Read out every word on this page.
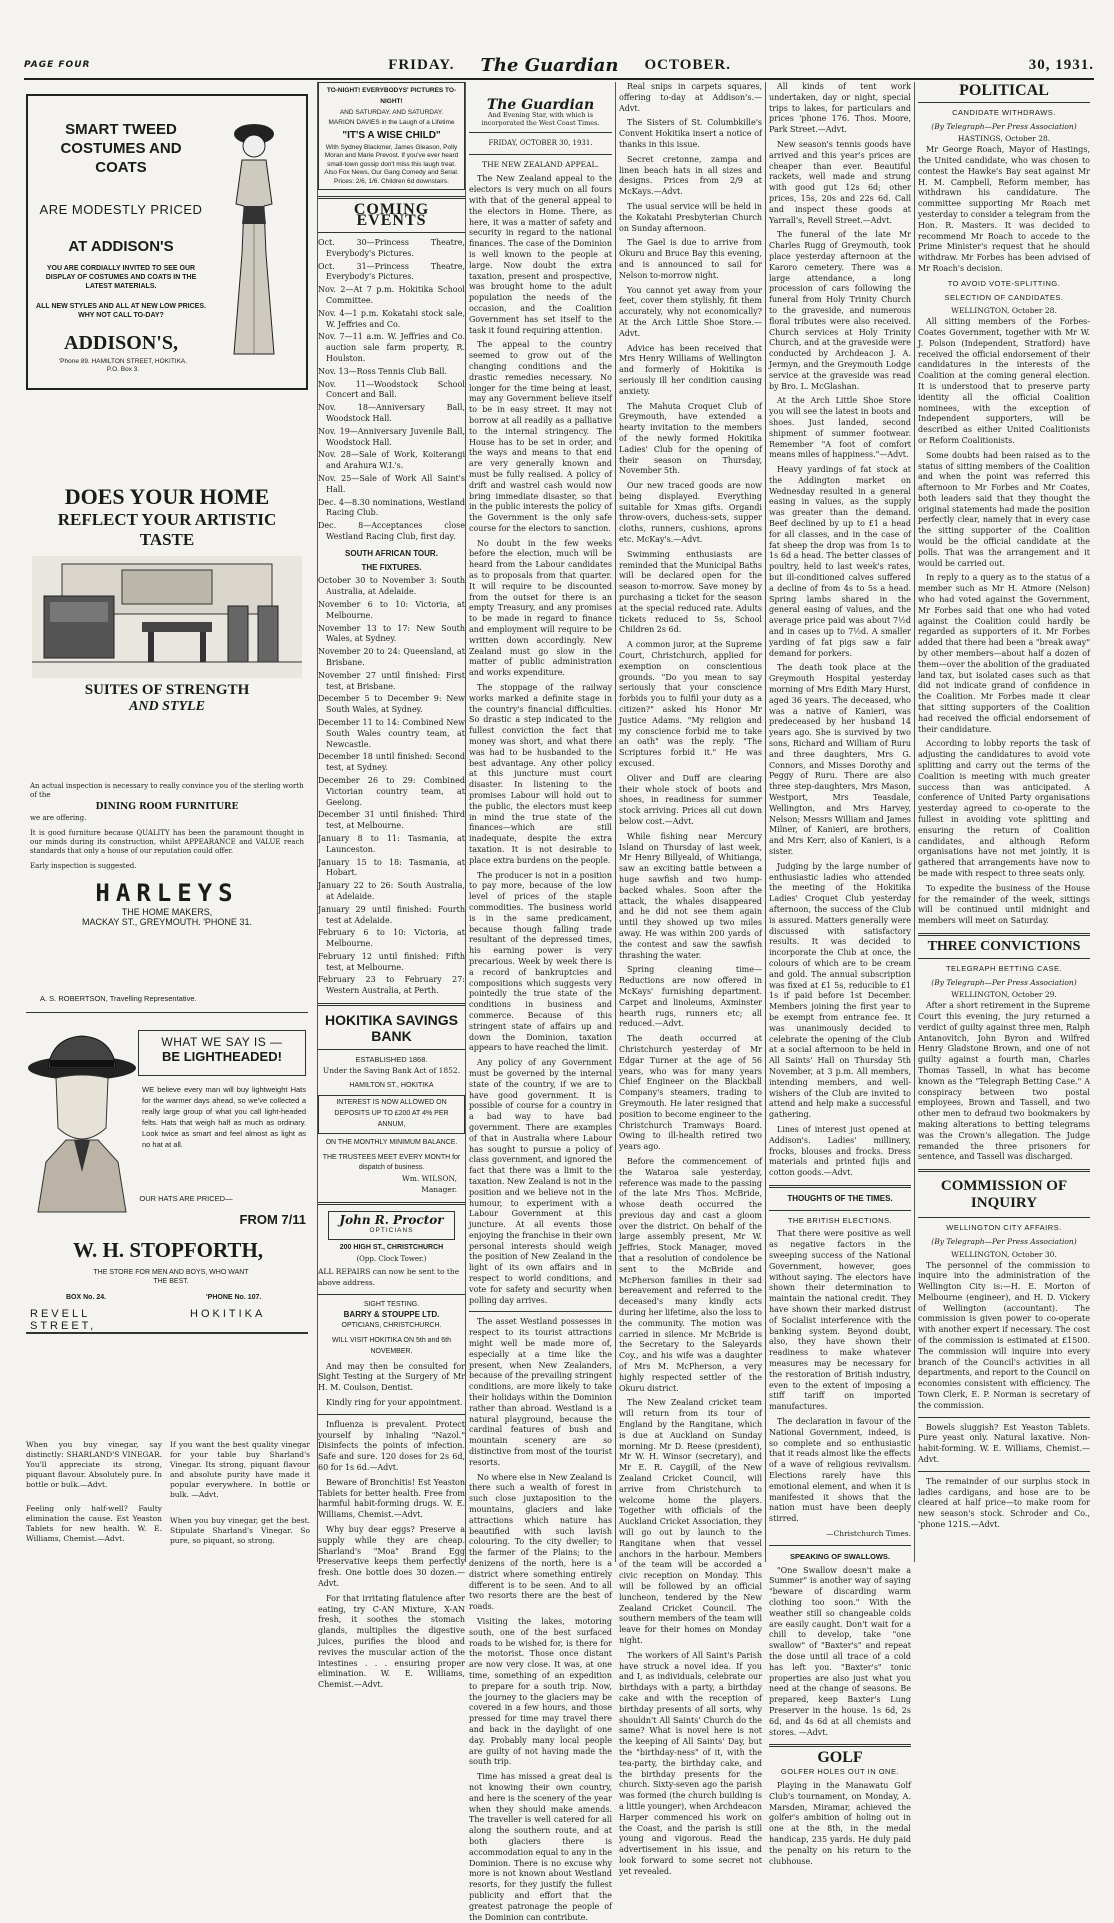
PAGE FOUR	FRIDAY. The Guardian OCTOBER.	30, 1931.
SMART TWEED COSTUMES AND COATS
ARE MODESTLY PRICED
AT ADDISON'S
YOU ARE CORDIALLY INVITED TO SEE OUR DISPLAY OF COSTUMES AND COATS IN THE LATEST MATERIALS.
ALL NEW STYLES AND ALL AT NEW LOW PRICES. WHY NOT CALL TO-DAY?
ADDISON'S,
'Phone 89. HAMILTON STREET, HOKITIKA. P.O. Box 3.
DOES YOUR HOME
REFLECT YOUR ARTISTIC
TASTE
SUITES OF STRENGTH
AND STYLE
An actual inspection is necessary to really convince you of the sterling worth of the
DINING ROOM FURNITURE
we are offering.
It is good furniture because QUALITY has been the paramount thought in our minds during its construction, whilst APPEARANCE and VALUE reach standards that only a house of our reputation could offer.
Early inspection is suggested.
HARLEYS
THE HOME MAKERS,
MACKAY ST., GREYMOUTH. 'PHONE 31.
A. S. ROBERTSON, Travelling Representative.
WHAT WE SAY IS —
BE LIGHTHEADED!
WE believe every man will buy lightweight Hats for the warmer days ahead, so we've collected a really large group of what you call light-headed felts. Hats that weigh half as much as ordinary. Look twice as smart and feel almost as light as no hat at all.
OUR HATS ARE PRICED—
FROM 7/11
W. H. STOPFORTH,
THE STORE FOR MEN AND BOYS, WHO WANT THE BEST.
BOX No. 24.	'PHONE No. 107.
REVELL STREET,
HOKITIKA
When you buy vinegar, say distinctly: SHARLAND'S VINEGAR. You'll appreciate its strong, piquant flavour. Absolutely pure. In bottle or bulk.—Advt.
Feeling only half-well? Faulty elimination the cause. Est Yeaston Tablets for new health. W. E. Williams, Chemist.—Advt.
TO-NIGHT! EVERYBODYS' PICTURES TO-NIGHT!
AND SATURDAY. AND SATURDAY.
MARION DAVIES in the Laugh of a Lifetime
"IT'S A WISE CHILD"
With Sydney Blackmer, James Gleason, Polly Moran and Marie Prevost. If you've ever heard small-town gossip don't miss this laugh treat. Also Fox News, Our Gang Comedy and Serial. Prices: 2/6, 1/6. Children 6d downstairs.
COMING EVENTS
Oct. 30—Princess Theatre, Everybody's Pictures.
Oct. 31—Princess Theatre, Everybody's Pictures.
Nov. 2—At 7 p.m. Hokitika School Committee.
Nov. 4—1 p.m. Kokatahi stock sale, W. Jeffries and Co.
Nov. 7—11 a.m. W. Jeffries and Co. auction sale farm property, R. Houlston.
Nov. 13—Ross Tennis Club Ball.
Nov. 11—Woodstock School Concert and Ball.
Nov. 18—Anniversary Ball, Woodstock Hall.
Nov. 19—Anniversary Juvenile Ball, Woodstock Hall.
Nov. 28—Sale of Work, Koiterangi and Arahura W.I.'s.
Nov. 25—Sale of Work All Saint's Hall.
Dec. 4—8.30 nominations, Westland Racing Club.
Dec. 8—Acceptances close Westland Racing Club, first day.
SOUTH AFRICAN TOUR.
THE FIXTURES.
October 30 to November 3: South Australia, at Adelaide.
November 6 to 10: Victoria, at Melbourne.
November 13 to 17: New South Wales, at Sydney.
November 20 to 24: Queensland, at Brisbane.
November 27 until finished: First test, at Brisbane.
December 5 to December 9: New South Wales, at Sydney.
December 11 to 14: Combined New South Wales country team, at Newcastle.
December 18 until finished: Second test, at Sydney.
December 26 to 29: Combined Victorian country team, at Geelong.
December 31 until finished: Third test, at Melbourne.
January 8 to 11: Tasmania, at Launceston.
January 15 to 18: Tasmania, at Hobart.
January 22 to 26: South Australia, at Adelaide.
January 29 until finished: Fourth test at Adelaide.
February 6 to 10: Victoria, at Melbourne.
February 12 until finished: Fifth test, at Melbourne.
February 23 to February 27: Western Australia, at Perth.
HOKITIKA SAVINGS BANK
ESTABLISHED 1868.
Under the Saving Bank Act of 1852.
HAMILTON ST., HOKITIKA
INTEREST IS NOW ALLOWED ON DEPOSITS UP TO £200 AT 4% PER ANNUM,
ON THE MONTHLY MINIMUM BALANCE.
THE TRUSTEES MEET EVERY MONTH for dispatch of business.
Wm. WILSON,
Manager.
John R. Proctor
OPTICIANS
200 HIGH ST., CHRISTCHURCH
(Opp. Clock Tower.)
ALL REPAIRS can now be sent to the above address.
SIGHT TESTING.
BARRY & STOUPPE LTD.
OPTICIANS, CHRISTCHURCH.
WILL VISIT HOKITIKA ON 5th and 6th NOVEMBER.

And may then be consulted for Sight Testing at the Surgery of Mr H. M. Coulson, Dentist.

Kindly ring for your appointment.

Influenza is prevalent. Protect yourself by inhaling "Nazol." Disinfects the points of infection. Safe and sure. 120 doses for 2s 6d, 60 for 1s 6d.—Advt.

Beware of Bronchitis! Est Yeaston Tablets for better health. Free from harmful habit-forming drugs. W. E. Williams, Chemist.—Advt.

Why buy dear eggs? Preserve a supply while they are cheap. Sharland's "Moa" Brand Egg Preservative keeps them perfectly fresh. One bottle does 30 dozen.—Advt.

For that irritating flatulence after eating, try C-AN Mixture, X-AN fresh, it soothes the stomach glands, multiplies the digestive juices, purifies the blood and revives the muscular action of the intestines . . . ensuring proper elimination. W. E. Williams, Chemist.—Advt.

If you want the best quality vinegar for your table buy Sharland's Vinegar. Its strong, piquant flavour and absolute purity have made it popular everywhere. In bottle or bulk. —Advt.
When you buy vinegar, get the best. Stipulate Sharland's Vinegar. So pure, so piquant, so strong.
The Guardian
And Evening Star, with which is incorporated the West Coast Times.
FRIDAY, OCTOBER 30, 1931.
THE NEW ZEALAND APPEAL.

The New Zealand appeal to the electors is very much on all fours with that of the general appeal to the electors in Home. There, as here, it was a matter of safety and security in regard to the national finances. The case of the Dominion is well known to the people at large. Now doubt the extra taxation, present and prospective, was brought home to the adult population the needs of the occasion, and the Coalition Government has set itself to the task it found requiring attention.

The appeal to the country seemed to grow out of the changing conditions and the drastic remedies necessary. No longer for the time being at least, may any Government believe itself to be in easy street. It may not borrow at all readily as a palliative to the internal stringency. The House has to be set in order, and the ways and means to that end are very generally known and must be fully realised. A policy of drift and wastrel cash would now bring immediate disaster, so that in the public interests the policy of the Government is the only safe course for the electors to sanction.

No doubt in the few weeks before the election, much will be heard from the Labour candidates as to proposals from that quarter. It will require to be discounted from the outset for there is an empty Treasury, and any promises to be made in regard to finance and employment will require to be written down accordingly. New Zealand must go slow in the matter of public administration and works expenditure.

The stoppage of the railway works marked a definite stage in the country's financial difficulties. So drastic a step indicated to the fullest conviction the fact that money was short, and what there was had to be husbanded to the best advantage. Any other policy at this juncture must court disaster. In listening to the promises Labour will hold out to the public, the electors must keep in mind the true state of the finances—which are still inadequate, despite the extra taxation. It is not desirable to place extra burdens on the people.

The producer is not in a position to pay more, because of the low level of prices of the staple commodities. The business world is in the same predicament, because though falling trade resultant of the depressed times, his earning power is very precarious. Week by week there is a record of bankruptcies and compositions which suggests very pointedly the true state of the conditions in business and commerce. Because of this stringent state of affairs up and down the Dominion, taxation appears to have reached the limit.

Any policy of any Government must be governed by the internal state of the country, if we are to have good government. It is possible of course for a country in a bad way to have bad government. There are examples of that in Australia where Labour has sought to pursue a policy of class government, and ignored the fact that there was a limit to the taxation. New Zealand is not in the position and we believe not in the humour, to experiment with a Labour Government at this juncture. At all events those enjoying the franchise in their own personal interests should weigh the position of New Zealand in the light of its own affairs and in respect to world conditions, and vote for safety and security when polling day arrives.

The asset Westland possesses in respect to its tourist attractions might well be made more of, especially at a time like the present, when New Zealanders, because of the prevailing stringent conditions, are more likely to take their holidays within the Dominion rather than abroad. Westland is a natural playground, because the cardinal features of bush and mountain scenery are so distinctive from most of the tourist resorts.

No where else in New Zealand is there such a wealth of forest in such close juxtaposition to the mountains, glaciers and lake attractions which nature has beautified with such lavish colouring. To the city dweller; to the farmer of the Plains; to the denizens of the north, here is a district where something entirely different is to be seen. And to all two resorts there are the best of roads.

Visiting the lakes, motoring south, one of the best surfaced roads to be wished for, is there for the motorist. Those once distant are now very close. It was, at one time, something of an expedition to prepare for a south trip. Now, the journey to the glaciers may be covered in a few hours, and those pressed for time may travel there and back in the daylight of one day. Probably many local people are guilty of not having made the south trip.

Time has missed a great deal is not knowing their own country, and here is the scenery of the year when they should make amends. The traveller is well catered for all along the southern route, and at both glaciers there is accommodation equal to any in the Dominion. There is no excuse why more is not known about Westland resorts, for they justify the fullest publicity and effort that the greatest patronage the people of the Dominion can contribute.

Real snips in carpets squares, offering to-day at Addison's.—Advt.

The Sisters of St. Columbkille's Convent Hokitika insert a notice of thanks in this issue.

Secret cretonne, zampa and linen beach hats in all sizes and designs. Prices from 2/9 at McKays.—Advt.

The usual service will be held in the Kokatahi Presbyterian Church on Sunday afternoon.

The Gael is due to arrive from Okuru and Bruce Bay this evening, and is announced to sail for Nelson to-morrow night.

You cannot yet away from your feet, cover them stylishly, fit them accurately, why not economically? At the Arch Little Shoe Store.—Advt.

Advice has been received that Mrs Henry Williams of Wellington and formerly of Hokitika is seriously ill her condition causing anxiety.

The Mahuta Croquet Club of Greymouth, have extended a hearty invitation to the members of the newly formed Hokitika Ladies' Club for the opening of their season on Thursday, November 5th.

Our new traced goods are now being displayed. Everything suitable for Xmas gifts. Organdi throw-overs, duchess-sets, supper cloths, runners, cushions, aprons etc. McKay's.—Advt.

Swimming enthusiasts are reminded that the Municipal Baths will be declared open for the season to-morrow. Save money by purchasing a ticket for the season at the special reduced rate. Adults tickets reduced to 5s, School Children 2s 6d.

A common juror, at the Supreme Court, Christchurch, applied for exemption on conscientious grounds. "Do you mean to say seriously that your conscience forbids you to fulfil your duty as a citizen?" asked his Honor Mr Justice Adams. "My religion and my conscience forbid me to take an oath" was the reply. "The Scriptures forbid it." He was excused.

Oliver and Duff are clearing their whole stock of boots and shoes, in readiness for summer stock arriving. Prices all cut down below cost.—Advt.

While fishing near Mercury Island on Thursday of last week, Mr Henry Billyeald, of Whitianga, saw an exciting battle between a huge sawfish and two hump-backed whales. Soon after the attack, the whales disappeared and he did not see them again until they showed up two miles away. He was within 200 yards of the contest and saw the sawfish thrashing the water.

Spring cleaning time—Reductions are now offered in McKays' furnishing department. Carpet and linoleums, Axminster hearth rugs, runners etc; all reduced.—Advt.

The death occurred at Christchurch yesterday of Mr Edgar Turner at the age of 56 years, who was for many years Chief Engineer on the Blackball Company's steamers, trading to Greymouth. He later resigned that position to become engineer to the Christchurch Tramways Board. Owing to ill-health retired two years ago.

Before the commencement of the Wataroa sale yesterday, reference was made to the passing of the late Mrs Thos. McBride, whose death occurred the previous day and cast a gloom over the district. On behalf of the large assembly present, Mr W. Jeffries, Stock Manager, moved that a resolution of condolence be sent to the McBride and McPherson families in their sad bereavement and referred to the deceased's many kindly acts during her lifetime, also the loss to the community. The motion was carried in silence. Mr McBride is the Secretary to the Saleyards Coy., and his wife was a daughter of Mrs M. McPherson, a very highly respected settler of the Okuru district.

The New Zealand cricket team will return from its tour of England by the Rangitane, which is due at Auckland on Sunday morning. Mr D. Reese (president), Mr W. H. Winsor (secretary), and Mr E. R. Caygill, of the New Zealand Cricket Council, will arrive from Christchurch to welcome home the players. Together with officials of the Auckland Cricket Association, they will go out by launch to the Rangitane when that vessel anchors in the harbour. Members of the team will be accorded a civic reception on Monday. This will be followed by an official luncheon, tendered by the New Zealand Cricket Council. The southern members of the team will leave for their homes on Monday night.

The workers of All Saint's Parish have struck a novel idea. If you and I, as individuals, celebrate our birthdays with a party, a birthday cake and with the reception of birthday presents of all sorts, why shouldn't All Saints' Church do the same? What is novel here is not the keeping of All Saints' Day, but the "birthday-ness" of it, with the tea-party, the birthday cake, and the birthday presents for the church. Sixty-seven ago the parish was formed (the church building is a little younger), when Archdeacon Harper commenced his work on the Coast, and the parish is still young and vigorous. Read the advertisement in his issue, and look forward to some secret not yet revealed.

All kinds of tent work undertaken, day or night, special trips to lakes, for particulars and prices 'phone 176. Thos. Moore, Park Street.—Advt.

New season's tennis goods have arrived and this year's prices are cheaper than ever. Beautiful rackets, well made and strung with good gut 12s 6d; other prices, 15s, 20s and 22s 6d. Call and inspect these goods at Yarrall's, Revell Street.—Advt.

The funeral of the late Mr Charles Rugg of Greymouth, took place yesterday afternoon at the Karoro cemetery. There was a large attendance, a long procession of cars following the funeral from Holy Trinity Church to the graveside, and numerous floral tributes were also received. Church services at Holy Trinity Church, and at the graveside were conducted by Archdeacon J. A. Jermyn, and the Greymouth Lodge service at the graveside was read by Bro. L. McGlashan.

At the Arch Little Shoe Store you will see the latest in boots and shoes. Just landed, second shipment of summer footwear. Remember "A foot of comfort means miles of happiness."—Advt.

Heavy yardings of fat stock at the Addington market on Wednesday resulted in a general easing in values, as the supply was greater than the demand. Beef declined by up to £1 a head for all classes, and in the case of fat sheep the drop was from 1s to 1s 6d a head. The better classes of poultry, held to last week's rates, but ill-conditioned calves suffered a decline of from 4s to 5s a head. Spring lambs shared in the general easing of values, and the average price paid was about 7½d and in cases up to 7½d. A smaller yarding of fat pigs saw a fair demand for porkers.

The death took place at the Greymouth Hospital yesterday morning of Mrs Edith Mary Hurst, aged 36 years. The deceased, who was a native of Kanieri, was predeceased by her husband 14 years ago. She is survived by two sons, Richard and William of Ruru and three daughters, Mrs G. Connors, and Misses Dorothy and Peggy of Ruru. There are also three step-daughters, Mrs Mason, Westport, Mrs Teasdale, Wellington, and Mrs Harvey, Nelson; Messrs William and James Milner, of Kanieri, are brothers, and Mrs Kerr, also of Kanieri, is a sister.

Judging by the large number of enthusiastic ladies who attended the meeting of the Hokitika Ladies' Croquet Club yesterday afternoon, the success of the Club is assured. Matters generally were discussed with satisfactory results. It was decided to incorporate the Club at once, the colours of which are to be cream and gold. The annual subscription was fixed at £1 5s, reducible to £1 1s if paid before 1st December. Members joining the first year to be exempt from entrance fee. It was unanimously decided to celebrate the opening of the Club at a social afternoon to be held in All Saints' Hall on Thursday 5th November, at 3 p.m. All members, intending members, and well-wishers of the Club are invited to attend and help make a successful gathering.

Lines of interest just opened at Addison's. Ladies' millinery, frocks, blouses and frocks. Dress materials and printed fujis and cotton goods.—Advt.

THOUGHTS OF THE TIMES.
THE BRITISH ELECTIONS.

That there were positive as well as negative factors in the sweeping success of the National Government, however, goes without saying. The electors have shown their determination to maintain the national credit. They have shown their marked distrust of Socialist interference with the banking system. Beyond doubt, also, they have shown their readiness to make whatever measures may be necessary for the restoration of British industry, even to the extent of imposing a stiff tariff on imported manufactures.

The declaration in favour of the National Government, indeed, is so complete and so enthusiastic that it reads almost like the effects of a wave of religious revivalism. Elections rarely have this emotional element, and when it is manifested it shows that the nation must have been deeply stirred.

—Christchurch Times.
SPEAKING OF SWALLOWS.

"One Swallow doesn't make a Summer" is another way of saying "beware of discarding warm clothing too soon." With the weather still so changeable colds are easily caught. Don't wait for a chill to develop, take "one swallow" of "Baxter's" and repeat the dose until all trace of a cold has left you. "Baxter's" tonic properties are also just what you need at the change of seasons. Be prepared, keep Baxter's Lung Preserver in the house. 1s 6d, 2s 6d, and 4s 6d at all chemists and stores. —Advt.

GOLF
GOLFER HOLES OUT IN ONE.

Playing in the Manawatu Golf Club's tournament, on Monday, A. Marsden, Miramar, achieved the golfer's ambition of holing out in one at the 8th, in the medal handicap, 235 yards. He duly paid the penalty on his return to the clubhouse.

POLITICAL
CANDIDATE WITHDRAWS.
(By Telegraph—Per Press Association)
HASTINGS, October 28.

Mr George Roach, Mayor of Hastings, the United candidate, who was chosen to contest the Hawke's Bay seat against Mr H. M. Campbell, Reform member, has withdrawn his candidature. The committee supporting Mr Roach met yesterday to consider a telegram from the Hon. R. Masters. It was decided to recommend Mr Roach to accede to the Prime Minister's request that he should withdraw. Mr Forbes has been advised of Mr Roach's decision.

TO AVOID VOTE-SPLITTING.
SELECTION OF CANDIDATES.
WELLINGTON, October 28.

All sitting members of the Forbes-Coates Government, together with Mr W. J. Polson (Independent, Stratford) have received the official endorsement of their candidatures in the interests of the Coalition at the coming general election. It is understood that to preserve party identity all the official Coalition nominees, with the exception of Independent supporters, will be described as either United Coalitionists or Reform Coalitionists.

Some doubts had been raised as to the status of sitting members of the Coalition and when the point was referred this afternoon to Mr Forbes and Mr Coates, both leaders said that they thought the original statements had made the position perfectly clear, namely that in every case the sitting supporter of the Coalition would be the official candidate at the polls. That was the arrangement and it would be carried out.

In reply to a query as to the status of a member such as Mr H. Atmore (Nelson) who had voted against the Government, Mr Forbes said that one who had voted against the Coalition could hardly be regarded as supporters of it. Mr Forbes added that there had been a "break away" by other members—about half a dozen of them—over the abolition of the graduated land tax, but isolated cases such as that did not indicate grand of confidence in the Coalition. Mr Forbes made it clear that sitting supporters of the Coalition had received the official endorsement of their candidature.

According to lobby reports the task of adjusting the candidatures to avoid vote splitting and carry out the terms of the Coalition is meeting with much greater success than was anticipated. A conference of United Party organisations yesterday agreed to co-operate to the fullest in avoiding vote splitting and ensuring the return of Coalition candidates, and although Reform organisations have not met jointly, it is gathered that arrangements have now to be made with respect to three seats only.

To expedite the business of the House for the remainder of the week, sittings will be continued until midnight and members will meet on Saturday.

THREE CONVICTIONS
TELEGRAPH BETTING CASE.
(By Telegraph—Per Press Association)
WELLINGTON, October 29.

After a short retirement in the Supreme Court this evening, the jury returned a verdict of guilty against three men, Ralph Antanovitch, John Byron and Wilfred Henry Gladstone Brown, and one of not guilty against a fourth man, Charles Thomas Tassell, in what has become known as the "Telegraph Betting Case." A conspiracy between two postal employees, Brown and Tassell, and two other men to defraud two bookmakers by making alterations to betting telegrams was the Crown's allegation. The Judge remanded the three prisoners for sentence, and Tassell was discharged.

COMMISSION OF INQUIRY
WELLINGTON CITY AFFAIRS.
(By Telegraph—Per Press Association)
WELLINGTON, October 30.

The personnel of the commission to inquire into the administration of the Wellington City is:—H. E. Morton of Melbourne (engineer), and H. D. Vickery of Wellington (accountant). The commission is given power to co-operate with another expert if necessary. The cost of the commission is estimated at £1500. The commission will inquire into every branch of the Council's activities in all departments, and report to the Council on economies consistent with efficiency. The Town Clerk, E. P. Norman is secretary of the commission.

Bowels sluggish? Est Yeaston Tablets. Pure yeast only. Natural laxative. Non-habit-forming. W. E. Williams, Chemist.—Advt.

The remainder of our surplus stock in ladies cardigans, and hose are to be cleared at half price—to make room for new season's stock. Schroder and Co., 'phone 121S.—Advt.
